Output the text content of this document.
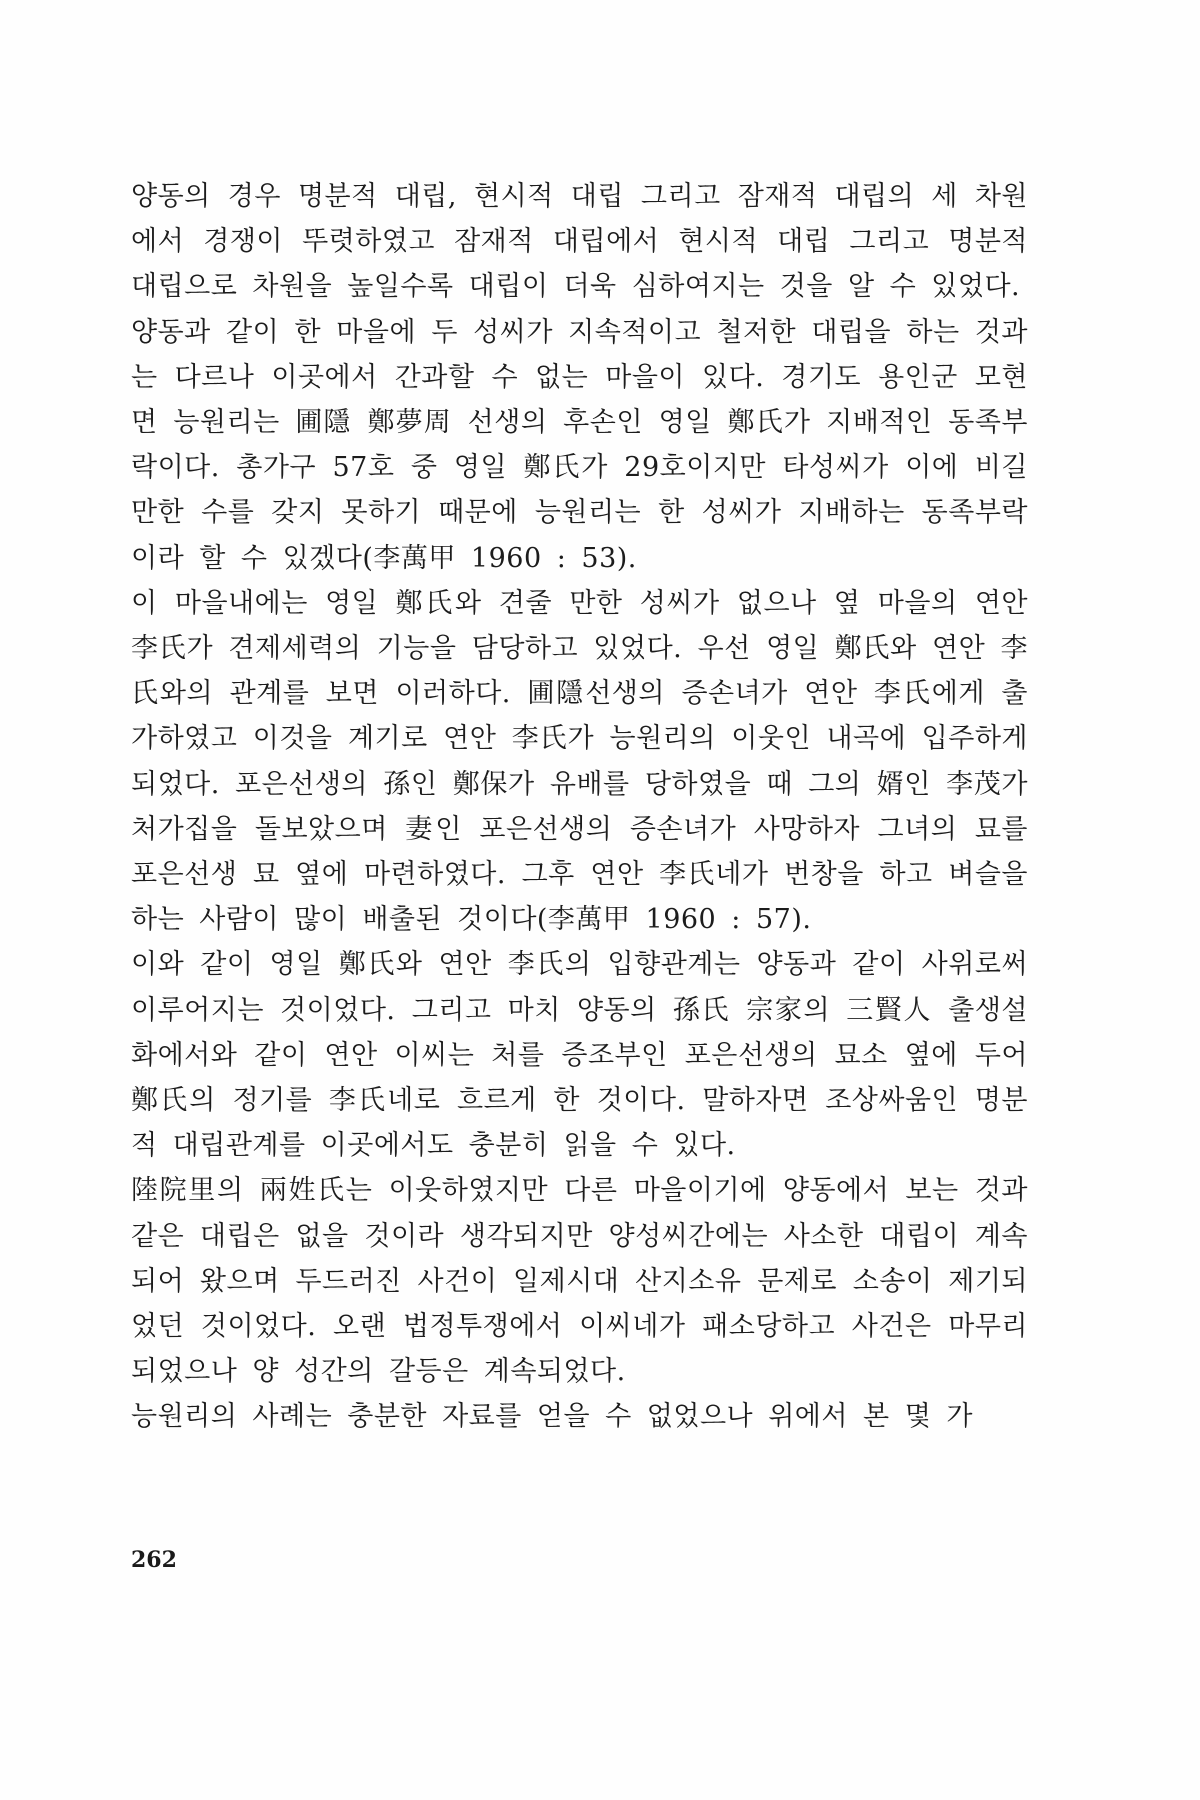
양동의 경우 명분적 대립, 현시적 대립 그리고 잠재적 대립의 세 차원에서 경쟁이 뚜렷하였고 잠재적 대립에서 현시적 대립 그리고 명분적 대립으로 차원을 높일수록 대립이 더욱 심하여지는 것을 알 수 있었다.

양동과 같이 한 마을에 두 성씨가 지속적이고 철저한 대립을 하는 것과는 다르나 이곳에서 간과할 수 없는 마을이 있다. 경기도 용인군 모현면 능원리는 圃隱 鄭夢周 선생의 후손인 영일 鄭氏가 지배적인 동족부락이다. 총가구 57호 중 영일 鄭氏가 29호이지만 타성씨가 이에 비길 만한 수를 갖지 못하기 때문에 능원리는 한 성씨가 지배하는 동족부락이라 할 수 있겠다(李萬甲 1960 : 53).

이 마을내에는 영일 鄭氏와 견줄 만한 성씨가 없으나 옆 마을의 연안 李氏가 견제세력의 기능을 담당하고 있었다. 우선 영일 鄭氏와 연안 李氏와의 관계를 보면 이러하다. 圃隱선생의 증손녀가 연안 李氏에게 출가하였고 이것을 계기로 연안 李氏가 능원리의 이웃인 내곡에 입주하게 되었다. 포은선생의 孫인 鄭保가 유배를 당하였을 때 그의 婿인 李茂가 처가집을 돌보았으며 妻인 포은선생의 증손녀가 사망하자 그녀의 묘를 포은선생 묘 옆에 마련하였다. 그후 연안 李氏네가 번창을 하고 벼슬을 하는 사람이 많이 배출된 것이다(李萬甲 1960 : 57).

이와 같이 영일 鄭氏와 연안 李氏의 입향관계는 양동과 같이 사위로써 이루어지는 것이었다. 그리고 마치 양동의 孫氏 宗家의 三賢人 출생설화에서와 같이 연안 이씨는 처를 증조부인 포은선생의 묘소 옆에 두어 鄭氏의 정기를 李氏네로 흐르게 한 것이다. 말하자면 조상싸움인 명분적 대립관계를 이곳에서도 충분히 읽을 수 있다.

陸院里의 兩姓氏는 이웃하였지만 다른 마을이기에 양동에서 보는 것과 같은 대립은 없을 것이라 생각되지만 양성씨간에는 사소한 대립이 계속되어 왔으며 두드러진 사건이 일제시대 산지소유 문제로 소송이 제기되었던 것이었다. 오랜 법정투쟁에서 이씨네가 패소당하고 사건은 마무리되었으나 양 성간의 갈등은 계속되었다.

능원리의 사례는 충분한 자료를 얻을 수 없었으나 위에서 본 몇 가

262
